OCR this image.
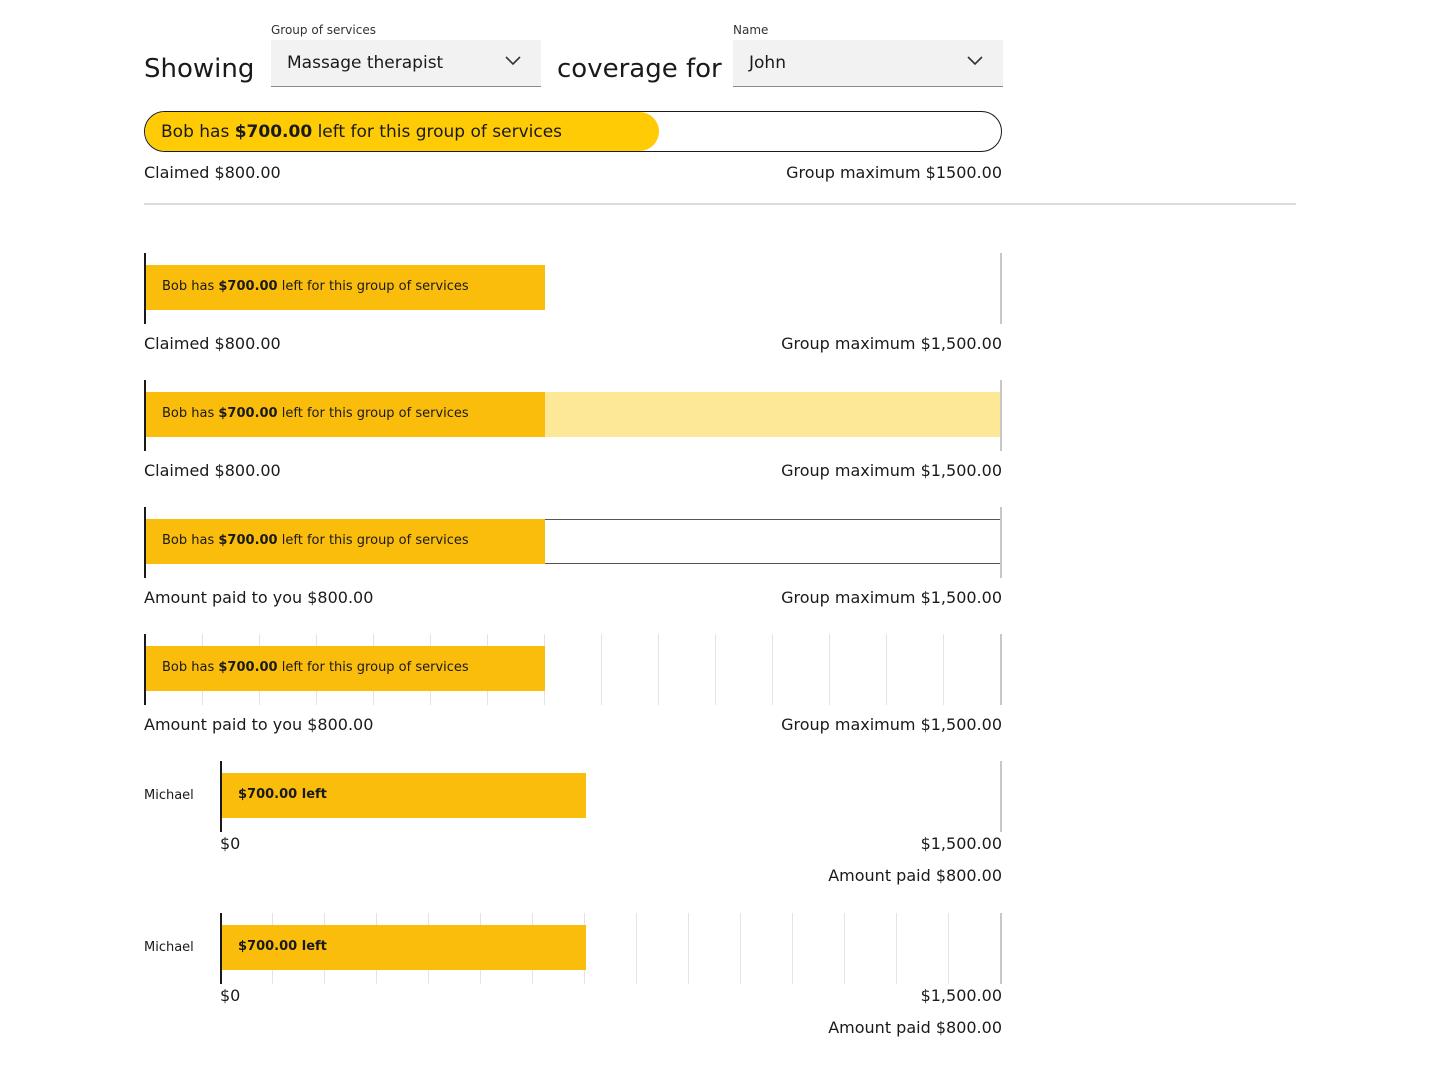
Showing
Group of services
Massage therapist	coverage for
Name
John
Bob has $700.00 left for this group of services
Claimed $800.00	Group maximum $1500.00
Bob has $700.00 left for this group of services
Claimed $800.00	Group maximum $1,500.00
Bob has $700.00 left for this group of services
Claimed $800.00	Group maximum $1,500.00
Bob has $700.00 left for this group of services
Amount paid to you $800.00	Group maximum $1,500.00
Bob has $700.00 left for this group of services
Amount paid to you $800.00	Group maximum $1,500.00
Michael	$700.00 left
$0	$1,500.00
Amount paid $800.00
Michael	$700.00 left
$0	$1,500.00
Amount paid $800.00
